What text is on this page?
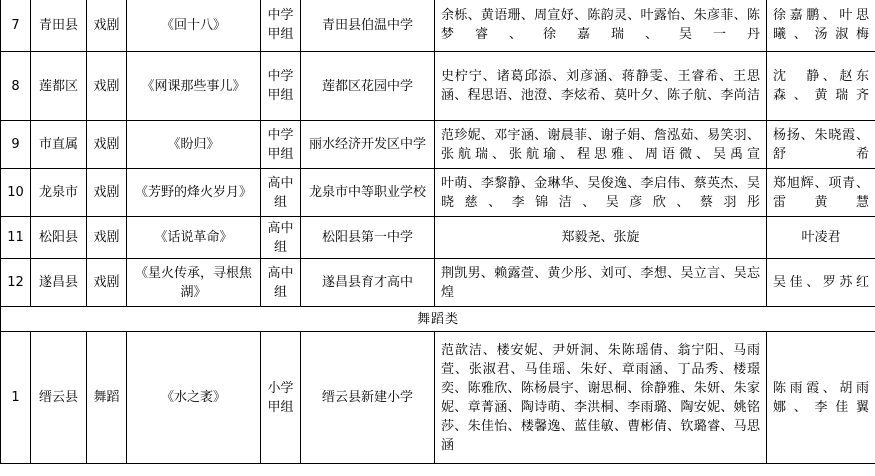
7	青田县	戏剧	《回十八》	中学甲组	青田县伯温中学	余栎、黄语珊、周宣妤、陈韵灵、叶露怡、朱彦菲、陈梦睿、徐嘉瑞、吴一丹	徐嘉鹏、叶思曦、汤淑梅
8	莲都区	戏剧	《网课那些事儿》	中学甲组	莲都区花园中学	史柠宁、诸葛邱添、刘彦涵、蒋静雯、王睿希、王思涵、程思语、池澄、李炫希、莫叶夕、陈子航、李尚洁	沈　静、赵东森、黄瑞齐
9	市直属	戏剧	《盼归》	中学甲组	丽水经济开发区中学	范珍妮、邓宇涵、谢晨菲、谢子娟、詹泓茹、易笑羽、张航瑞、张航瑜、程思雅、周语微、吴禹宣	杨扬、朱晓霞、舒希
10	龙泉市	戏剧	《芳野的烽火岁月》	高中组	龙泉市中等职业学校	叶萌、李黎静、金琳华、吴俊逸、李启伟、蔡英杰、吴晓慈、李锦洁、吴彦欣、蔡羽彤	郑旭辉、项青、雷黄慧
11	松阳县	戏剧	《话说革命》	高中组	松阳县第一中学	郑毅尧、张旋	叶凌君
12	遂昌县	戏剧	《星火传承，寻根焦湖》	高中组	遂昌县育才高中	荆凯男、赖露萱、黄少彤、刘可、李想、吴立言、吴忘煌	吴佳、罗苏红
舞蹈类							
1	缙云县	舞蹈	《水之袤》	小学甲组	缙云县新建小学	范歆洁、楼安妮、尹妍洞、朱陈瑶倩、翁宁阳、马雨萱、张淑君、马佳瑶、朱好、章雨涵、丁品秀、楼璟奕、陈雅欣、陈杨晨宇、谢思桐、徐静雅、朱妍、朱家妮、章菁涵、陶诗萌、李洪桐、李雨璐、陶安妮、姚铭莎、朱佳怡、楼馨逸、蓝佳敏、曹彬倩、钦璐睿、马思涵	陈雨霞、胡雨娜、李佳翼
